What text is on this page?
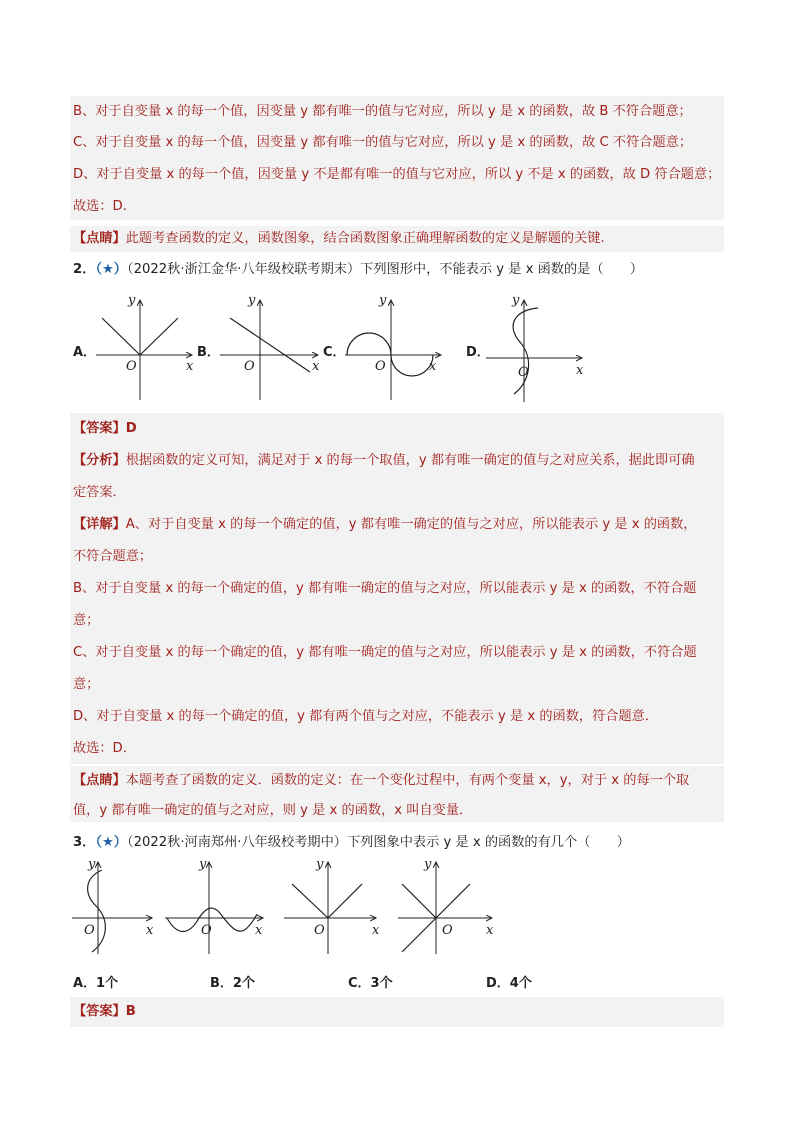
B、对于自变量 x 的每一个值，因变量 y 都有唯一的值与它对应，所以 y 是 x 的函数，故 B 不符合题意；
C、对于自变量 x 的每一个值，因变量 y 都有唯一的值与它对应，所以 y 是 x 的函数，故 C 不符合题意；
D、对于自变量 x 的每一个值，因变量 y 不是都有唯一的值与它对应，所以 y 不是 x 的函数，故 D 符合题意；
故选：D.
【点睛】此题考查函数的定义，函数图象，结合函数图象正确理解函数的定义是解题的关键.
2．（★）（2022秋·浙江金华·八年级校联考期末）下列图形中，不能表示 y 是 x 函数的是（　　）
A．	B．	C．	D．
y
x
O
y
x
O
y
x
O
y
x
O
【答案】D
【分析】根据函数的定义可知，满足对于 x 的每一个取值，y 都有唯一确定的值与之对应关系，据此即可确
定答案．
【详解】A、对于自变量 x 的每一个确定的值，y 都有唯一确定的值与之对应，所以能表示 y 是 x 的函数，
不符合题意；
B、对于自变量 x 的每一个确定的值，y 都有唯一确定的值与之对应，所以能表示 y 是 x 的函数，不符合题
意；
C、对于自变量 x 的每一个确定的值，y 都有唯一确定的值与之对应，所以能表示 y 是 x 的函数，不符合题
意；
D、对于自变量 x 的每一个确定的值，y 都有两个值与之对应，不能表示 y 是 x 的函数，符合题意．
故选：D．
【点睛】本题考查了函数的定义．函数的定义：在一个变化过程中，有两个变量 x，y，对于 x 的每一个取
值，y 都有唯一确定的值与之对应，则 y 是 x 的函数，x 叫自变量．
3．（★）（2022秋·河南郑州·八年级校考期中）下列图象中表示 y 是 x 的函数的有几个（　　）
y
x
O
y
x
O
y
x
O
y
x
O
A．1个	B．2个	C．3个	D．4个
【答案】B
